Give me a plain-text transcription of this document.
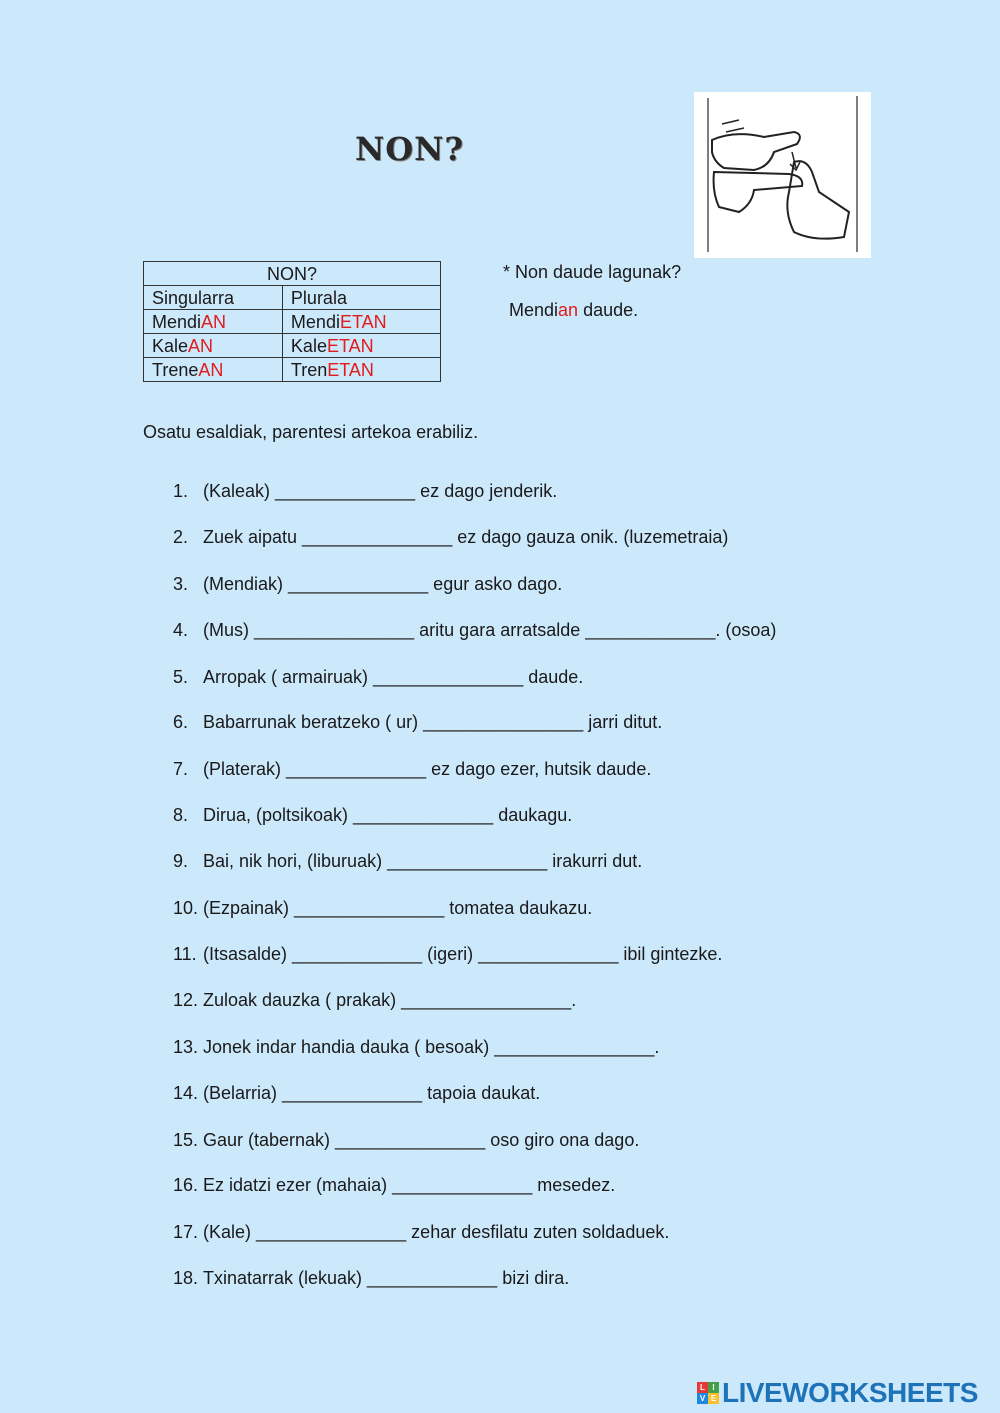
NON?
NON?	
Singularra	Plurala
MendiAN	MendiETAN
KaleAN	KaleETAN
TreneAN	TrenETAN
* Non daude lagunak?
Mendian daude.
Osatu esaldiak, parentesi artekoa erabiliz.
1. (Kaleak) ______________ ez dago jenderik.
2. Zuek aipatu _______________ ez dago gauza onik. (luzemetraia)
3. (Mendiak) ______________ egur asko dago.
4. (Mus) ________________ aritu gara arratsalde _____________. (osoa)
5. Arropak ( armairuak) _______________ daude.
6. Babarrunak beratzeko ( ur) ________________ jarri ditut.
7. (Platerak) ______________ ez dago ezer, hutsik daude.
8. Dirua, (poltsikoak) ______________ daukagu.
9. Bai, nik hori, (liburuak) ________________ irakurri dut.
10. (Ezpainak) _______________ tomatea daukazu.
11. (Itsasalde) _____________ (igeri) ______________ ibil gintezke.
12. Zuloak dauzka ( prakak) _________________.
13. Jonek indar handia dauka ( besoak) ________________.
14. (Belarria) ______________ tapoia daukat.
15. Gaur (tabernak) _______________ oso giro ona dago.
16. Ez idatzi ezer (mahaia) ______________ mesedez.
17. (Kale) _______________ zehar desfilatu zuten soldaduek.
18. Txinatarrak (lekuak) _____________ bizi dira.
L I
V E LIVEWORKSHEETS
